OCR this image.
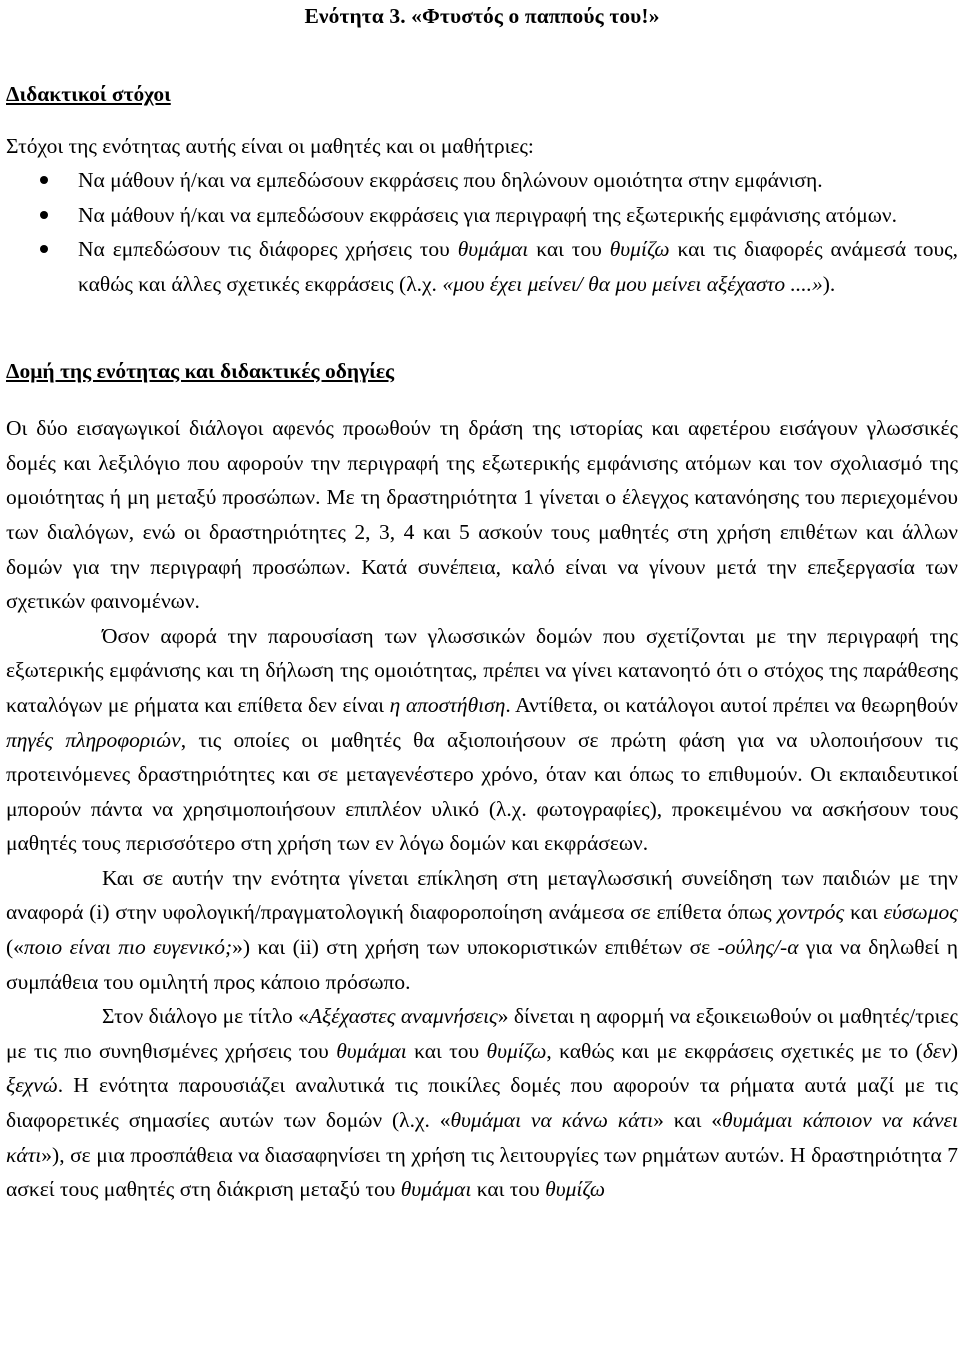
Ενότητα 3. «Φτυστός ο παππούς του!»
Διδακτικοί στόχοι

Στόχοι της ενότητας αυτής είναι οι μαθητές και οι μαθήτριες:

Να μάθουν ή/και να εμπεδώσουν εκφράσεις που δηλώνουν ομοιότητα στην εμφάνιση.
Να μάθουν ή/και να εμπεδώσουν εκφράσεις για περιγραφή της εξωτερικής εμφάνισης ατόμων.
Να εμπεδώσουν τις διάφορες χρήσεις του θυμάμαι και του θυμίζω και τις διαφορές ανάμεσά τους, καθώς και άλλες σχετικές εκφράσεις (λ.χ. «μου έχει μείνει/ θα μου μείνει αξέχαστο ....»).
Δομή της ενότητας και διδακτικές οδηγίες

Οι δύο εισαγωγικοί διάλογοι αφενός προωθούν τη δράση της ιστορίας και αφετέρου εισάγουν γλωσσικές δομές και λεξιλόγιο που αφορούν την περιγραφή της εξωτερικής εμφάνισης ατόμων και τον σχολιασμό της ομοιότητας ή μη μεταξύ προσώπων. Με τη δραστηριότητα 1 γίνεται ο έλεγχος κατανόησης του περιεχομένου των διαλόγων, ενώ οι δραστηριότητες 2, 3, 4 και 5 ασκούν τους μαθητές στη χρήση επιθέτων και άλλων δομών για την περιγραφή προσώπων. Κατά συνέπεια, καλό είναι να γίνουν μετά την επεξεργασία των σχετικών φαινομένων.

Όσον αφορά την παρουσίαση των γλωσσικών δομών που σχετίζονται με την περιγραφή της εξωτερικής εμφάνισης και τη δήλωση της ομοιότητας, πρέπει να γίνει κατανοητό ότι ο στόχος της παράθεσης καταλόγων με ρήματα και επίθετα δεν είναι η αποστήθιση. Αντίθετα, οι κατάλογοι αυτοί πρέπει να θεωρηθούν πηγές πληροφοριών, τις οποίες οι μαθητές θα αξιοποιήσουν σε πρώτη φάση για να υλοποιήσουν τις προτεινόμενες δραστηριότητες και σε μεταγενέστερο χρόνο, όταν και όπως το επιθυμούν. Οι εκπαιδευτικοί μπορούν πάντα να χρησιμοποιήσουν επιπλέον υλικό (λ.χ. φωτογραφίες), προκειμένου να ασκήσουν τους μαθητές τους περισσότερο στη χρήση των εν λόγω δομών και εκφράσεων.

Και σε αυτήν την ενότητα γίνεται επίκληση στη μεταγλωσσική συνείδηση των παιδιών με την αναφορά (i) στην υφολογική/πραγματολογική διαφοροποίηση ανάμεσα σε επίθετα όπως χοντρός και εύσωμος («ποιο είναι πιο ευγενικό;») και (ii) στη χρήση των υποκοριστικών επιθέτων σε -ούλης/-α για να δηλωθεί η συμπάθεια του ομιλητή προς κάποιο πρόσωπο.

Στον διάλογο με τίτλο «Αξέχαστες αναμνήσεις» δίνεται η αφορμή να εξοικειωθούν οι μαθητές/τριες με τις πιο συνηθισμένες χρήσεις του θυμάμαι και του θυμίζω, καθώς και με εκφράσεις σχετικές με το (δεν) ξεχνώ. Η ενότητα παρουσιάζει αναλυτικά τις ποικίλες δομές που αφορούν τα ρήματα αυτά μαζί με τις διαφορετικές σημασίες αυτών των δομών (λ.χ. «θυμάμαι να κάνω κάτι» και «θυμάμαι κάποιον να κάνει κάτι»), σε μια προσπάθεια να διασαφηνίσει τη χρήση τις λειτουργίες των ρημάτων αυτών. Η δραστηριότητα 7 ασκεί τους μαθητές στη διάκριση μεταξύ του θυμάμαι και του θυμίζω
